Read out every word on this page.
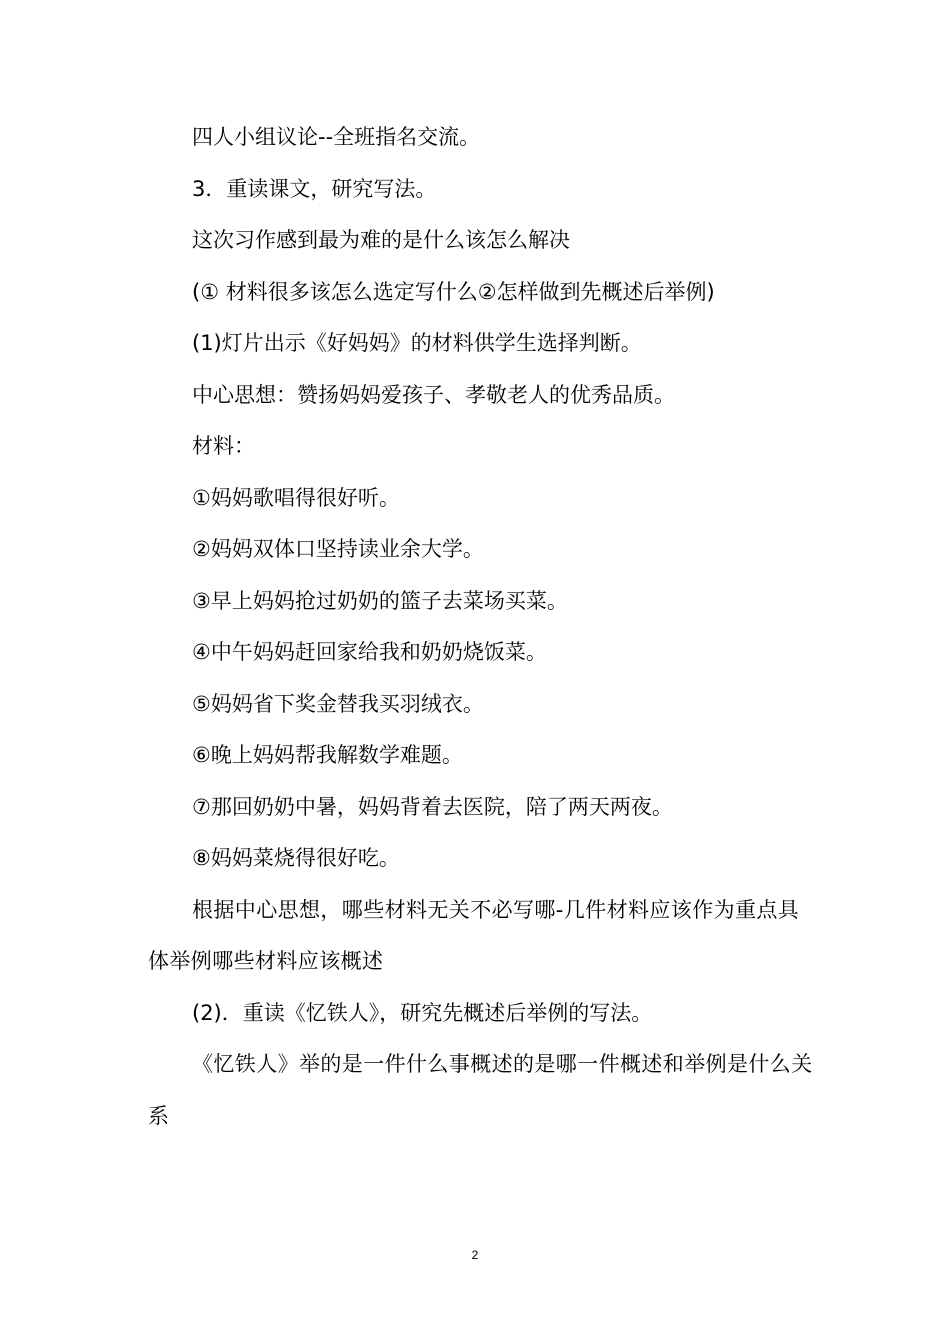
四人小组议论--全班指名交流。

3．重读课文，研究写法。

这次习作感到最为难的是什么该怎么解决

(① 材料很多该怎么选定写什么②怎样做到先概述后举例)

(1)灯片出示《好妈妈》的材料供学生选择判断。

中心思想：赞扬妈妈爱孩子、孝敬老人的优秀品质。

材料：

①妈妈歌唱得很好听。

②妈妈双体口坚持读业余大学。

③早上妈妈抢过奶奶的篮子去菜场买菜。

④中午妈妈赶回家给我和奶奶烧饭菜。

⑤妈妈省下奖金替我买羽绒衣。

⑥晚上妈妈帮我解数学难题。

⑦那回奶奶中暑，妈妈背着去医院，陪了两天两夜。

⑧妈妈菜烧得很好吃。

根据中心思想，哪些材料无关不必写哪-几件材料应该作为重点具体举例哪些材料应该概述

(2)．重读《忆铁人》，研究先概述后举例的写法。

《忆铁人》举的是一件什么事概述的是哪一件概述和举例是什么关系

2
